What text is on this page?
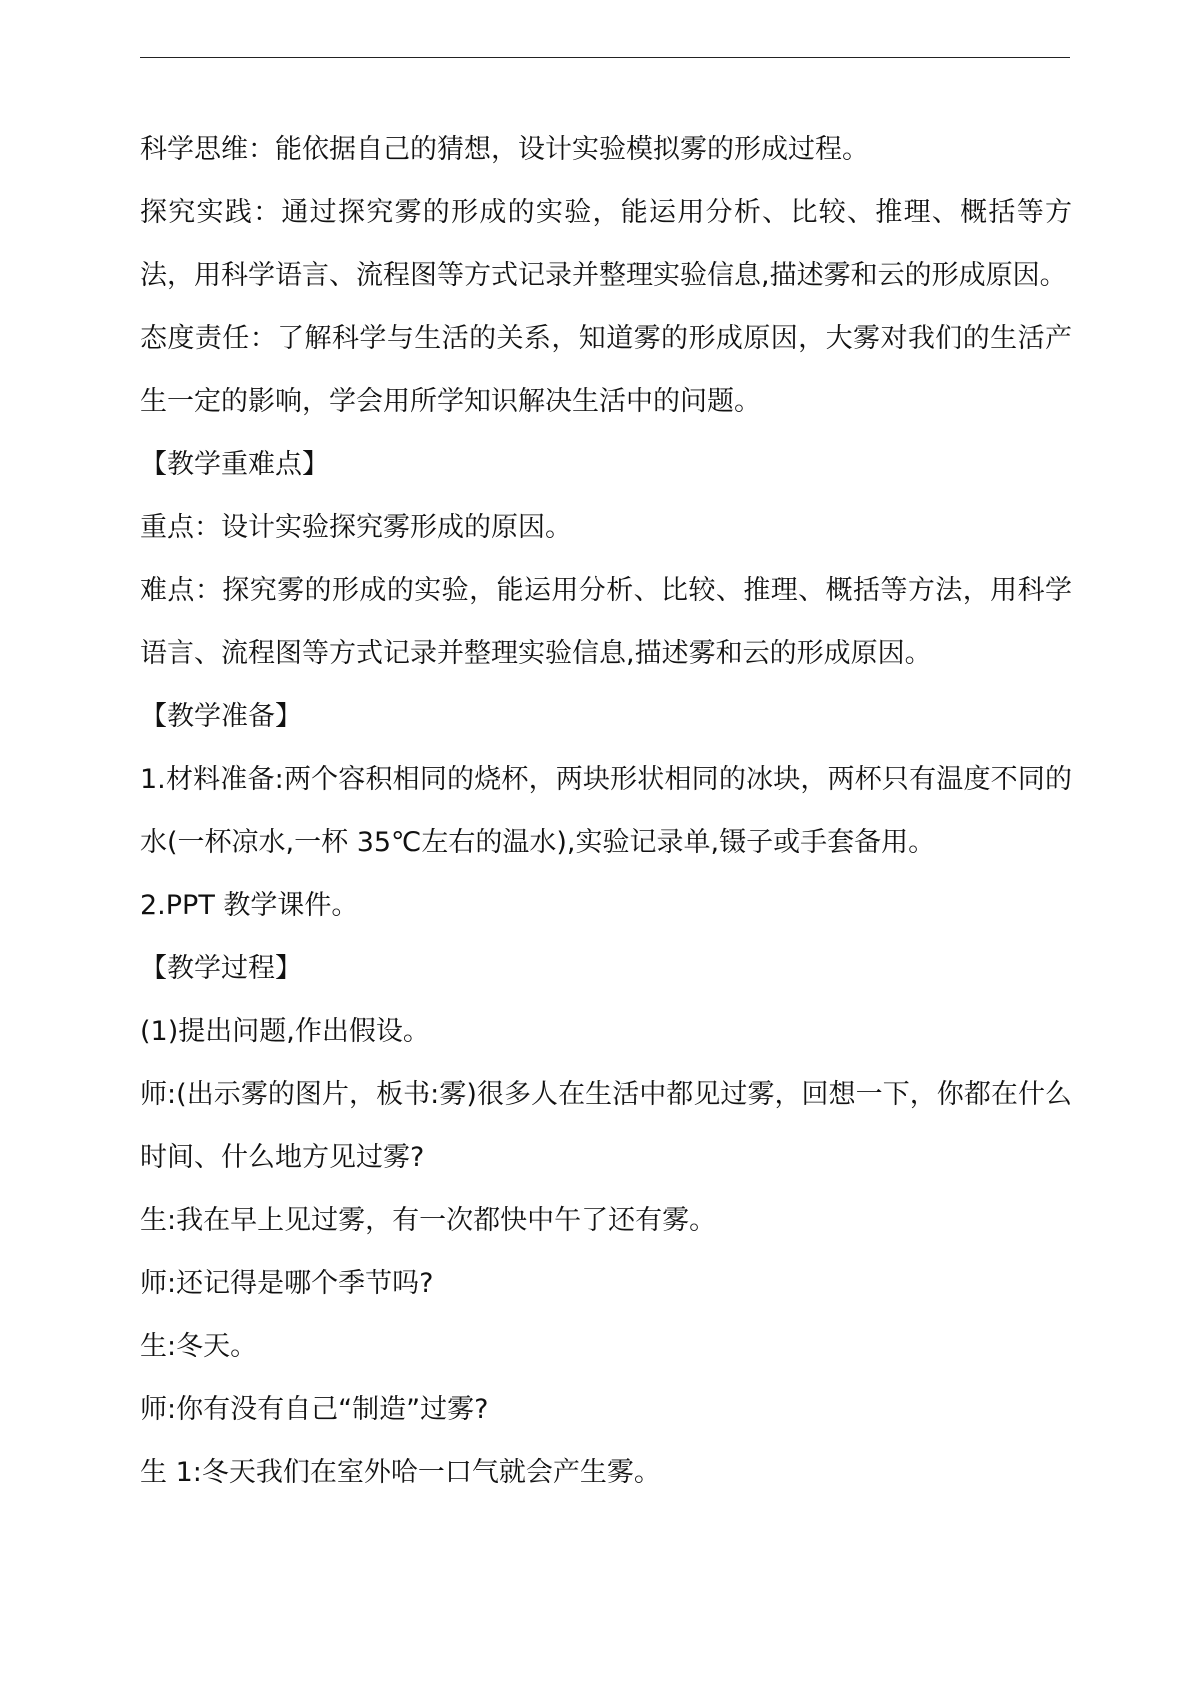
科学思维：能依据自己的猜想，设计实验模拟雾的形成过程。

探究实践：通过探究雾的形成的实验，能运用分析、比较、推理、概括等方法，用科学语言、流程图等方式记录并整理实验信息,描述雾和云的形成原因。

态度责任：了解科学与生活的关系，知道雾的形成原因，大雾对我们的生活产生一定的影响，学会用所学知识解决生活中的问题。

【教学重难点】

重点：设计实验探究雾形成的原因。

难点：探究雾的形成的实验，能运用分析、比较、推理、概括等方法，用科学语言、流程图等方式记录并整理实验信息,描述雾和云的形成原因。

【教学准备】

1.材料准备:两个容积相同的烧杯，两块形状相同的冰块，两杯只有温度不同的水(一杯凉水,一杯 35℃左右的温水),实验记录单,镊子或手套备用。

2.PPT 教学课件。

【教学过程】

(1)提出问题,作出假设。

师:(出示雾的图片，板书:雾)很多人在生活中都见过雾，回想一下，你都在什么时间、什么地方见过雾?

生:我在早上见过雾，有一次都快中午了还有雾。

师:还记得是哪个季节吗?

生:冬天。

师:你有没有自己“制造”过雾?

生 1:冬天我们在室外哈一口气就会产生雾。
